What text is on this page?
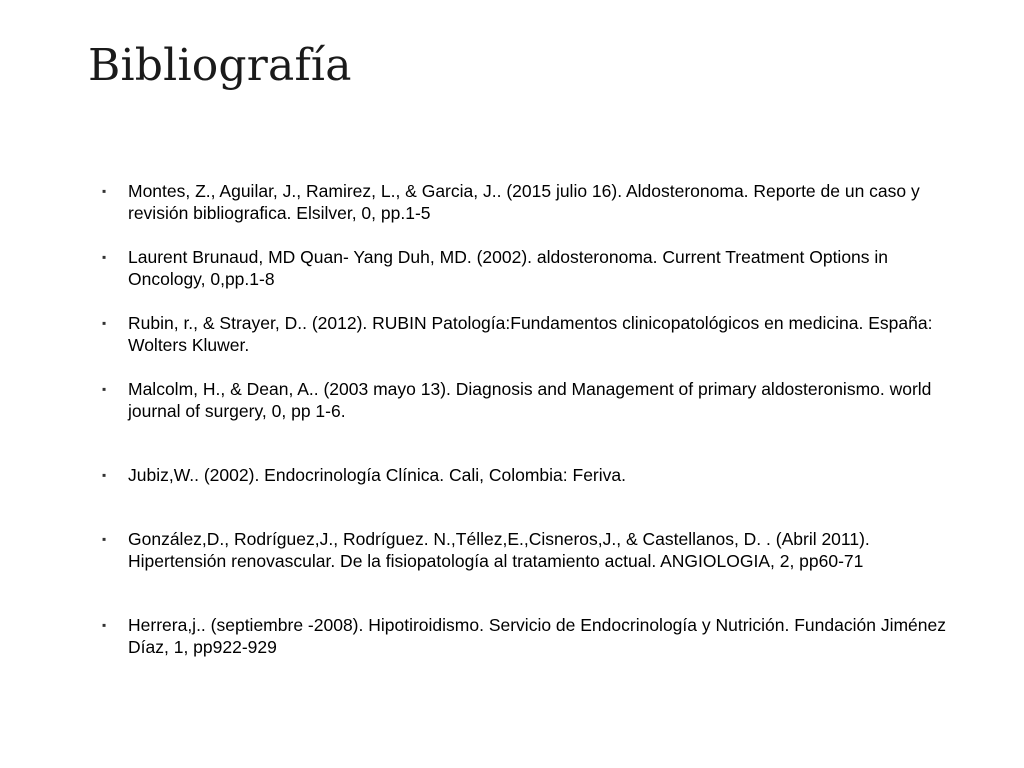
Bibliografía
▪ Montes, Z., Aguilar, J., Ramirez, L., & Garcia, J.. (2015 julio 16). Aldosteronoma. Reporte de un caso y revisión bibliografica. Elsilver, 0, pp.1-5
▪ Laurent Brunaud, MD Quan- Yang Duh, MD. (2002). aldosteronoma. Current Treatment Options in Oncology, 0,pp.1-8
▪ Rubin, r., & Strayer, D.. (2012). RUBIN Patología:Fundamentos clinicopatológicos en medicina. España: Wolters Kluwer.
▪ Malcolm, H., & Dean, A.. (2003 mayo 13). Diagnosis and Management of primary aldosteronismo. world journal of surgery, 0, pp 1-6.
▪ Jubiz,W.. (2002). Endocrinología Clínica. Cali, Colombia: Feriva.
▪ González,D., Rodríguez,J., Rodríguez. N.,Téllez,E.,Cisneros,J., & Castellanos, D. . (Abril 2011). Hipertensión renovascular. De la fisiopatología al tratamiento actual. ANGIOLOGIA, 2, pp60-71
▪ Herrera,j.. (septiembre -2008). Hipotiroidismo. Servicio de Endocrinología y Nutrición. Fundación Jiménez Díaz, 1, pp922-929
